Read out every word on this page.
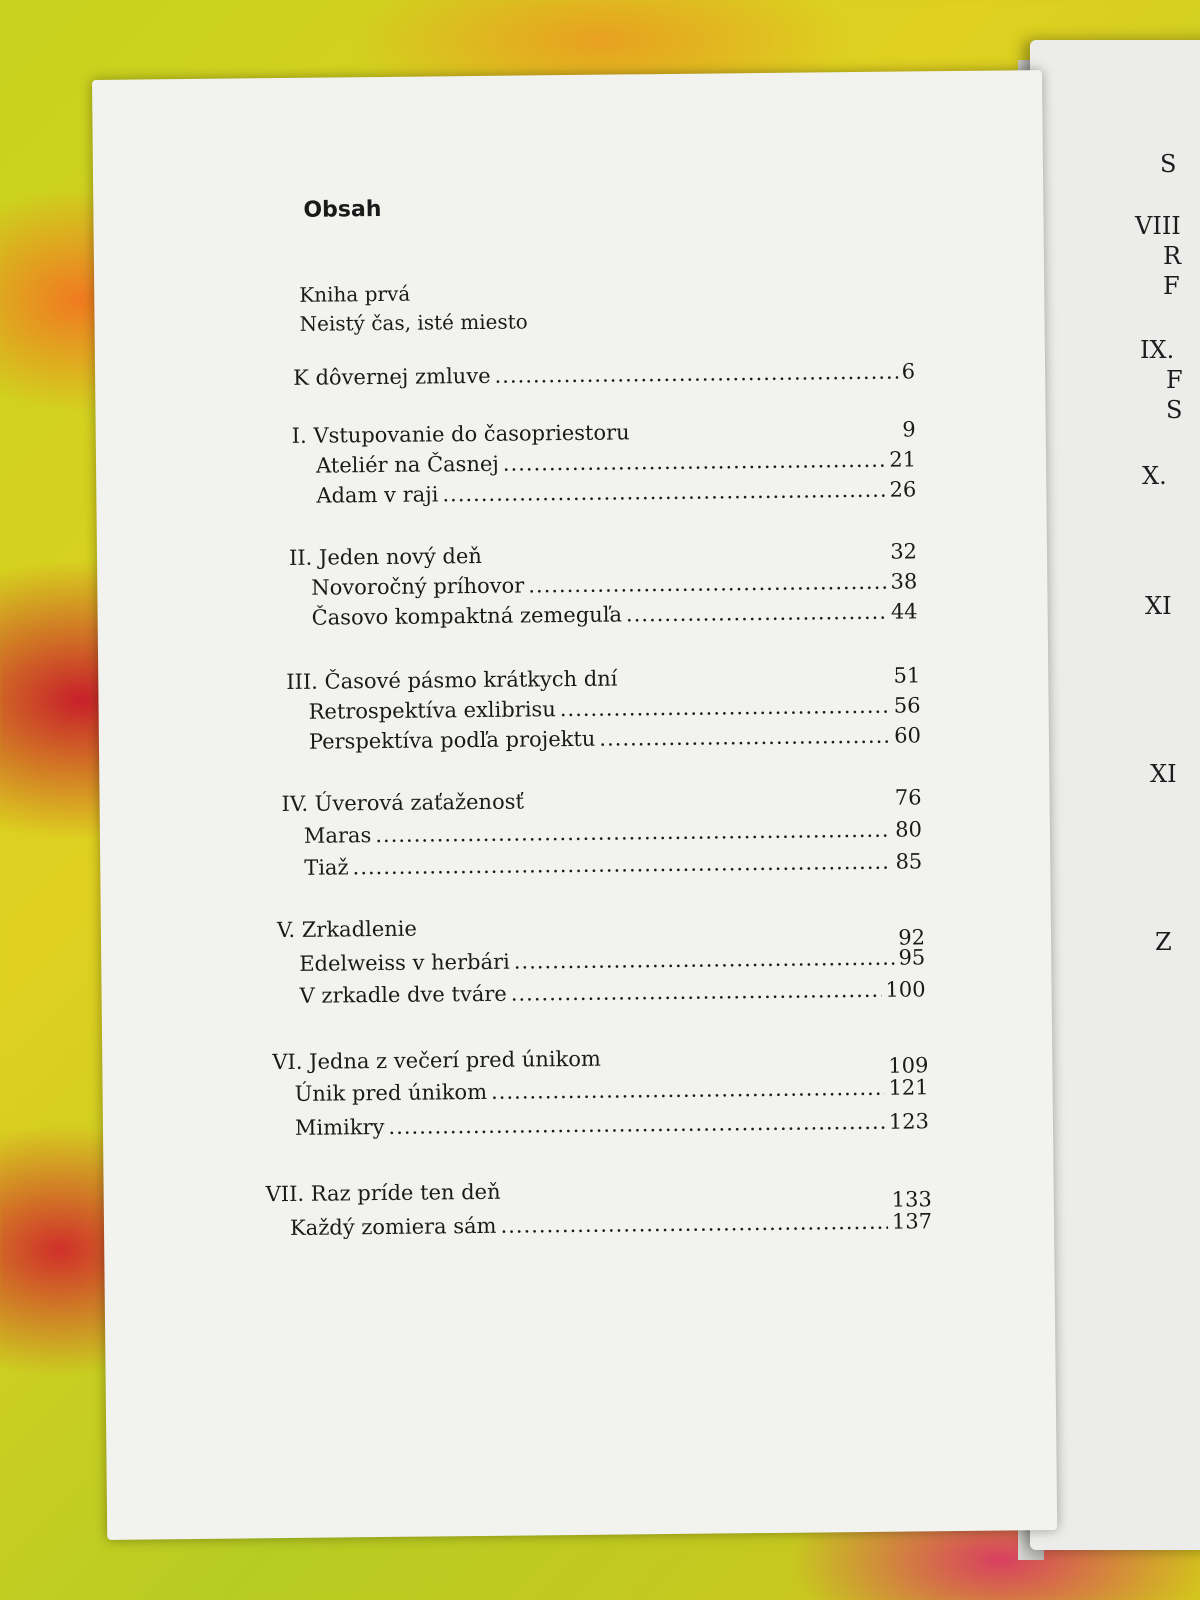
S
VIII
R
F
IX.
F
S
X.
XI
XI
Z
Obsah
Kniha prvá
Neistý čas, isté miesto
K dôvernej zmluve .....	6
I. Vstupovanie do časopriestoru	9
Ateliér na Časnej .....	21
Adam v raji .....	26
II. Jeden nový deň	32
Novoročný príhovor .....	38
Časovo kompaktná zemeguľa .....	44
III. Časové pásmo krátkych dní	51
Retrospektíva exlibrisu .....	56
Perspektíva podľa projektu .....	60
IV. Úverová zaťaženosť	76
Maras .....	80
Tiaž .....	85
V. Zrkadlenie	92
Edelweiss v herbári .....	95
V zrkadle dve tváre .....	100
VI. Jedna z večerí pred únikom	109
Únik pred únikom .....	121
Mimikry .....	123
VII. Raz príde ten deň	133
Každý zomiera sám .....	137
